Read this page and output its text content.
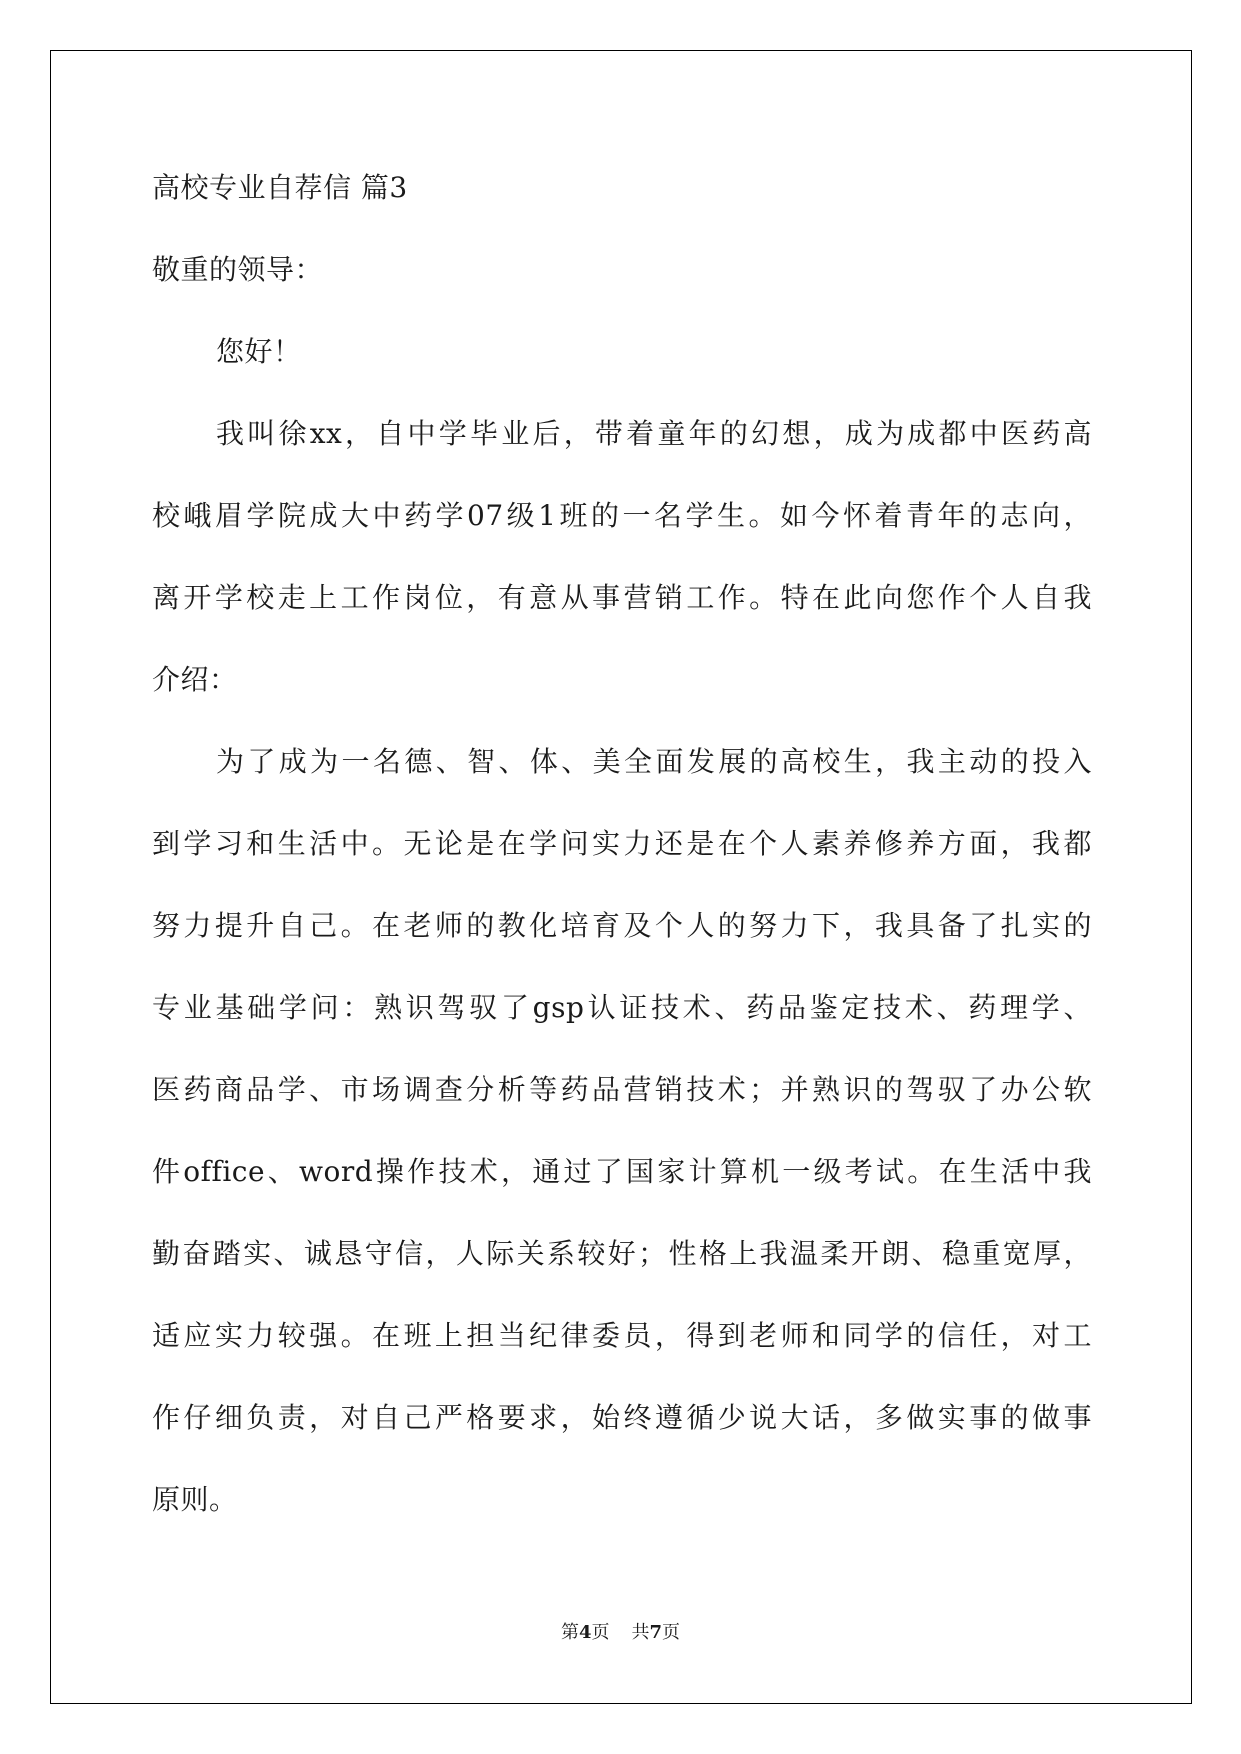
高校专业自荐信 篇3
敬重的领导：
您好！
我叫徐xx，自中学毕业后，带着童年的幻想，成为成都中医药高
校峨眉学院成大中药学07级1班的一名学生。如今怀着青年的志向，
离开学校走上工作岗位，有意从事营销工作。特在此向您作个人自我
介绍：
为了成为一名德、智、体、美全面发展的高校生，我主动的投入
到学习和生活中。无论是在学问实力还是在个人素养修养方面，我都
努力提升自己。在老师的教化培育及个人的努力下，我具备了扎实的
专业基础学问：熟识驾驭了gsp认证技术、药品鉴定技术、药理学、
医药商品学、市场调查分析等药品营销技术；并熟识的驾驭了办公软
件office、word操作技术，通过了国家计算机一级考试。在生活中我
勤奋踏实、诚恳守信，人际关系较好；性格上我温柔开朗、稳重宽厚，
适应实力较强。在班上担当纪律委员，得到老师和同学的信任，对工
作仔细负责，对自己严格要求，始终遵循少说大话，多做实事的做事
原则。
第4页 共7页
